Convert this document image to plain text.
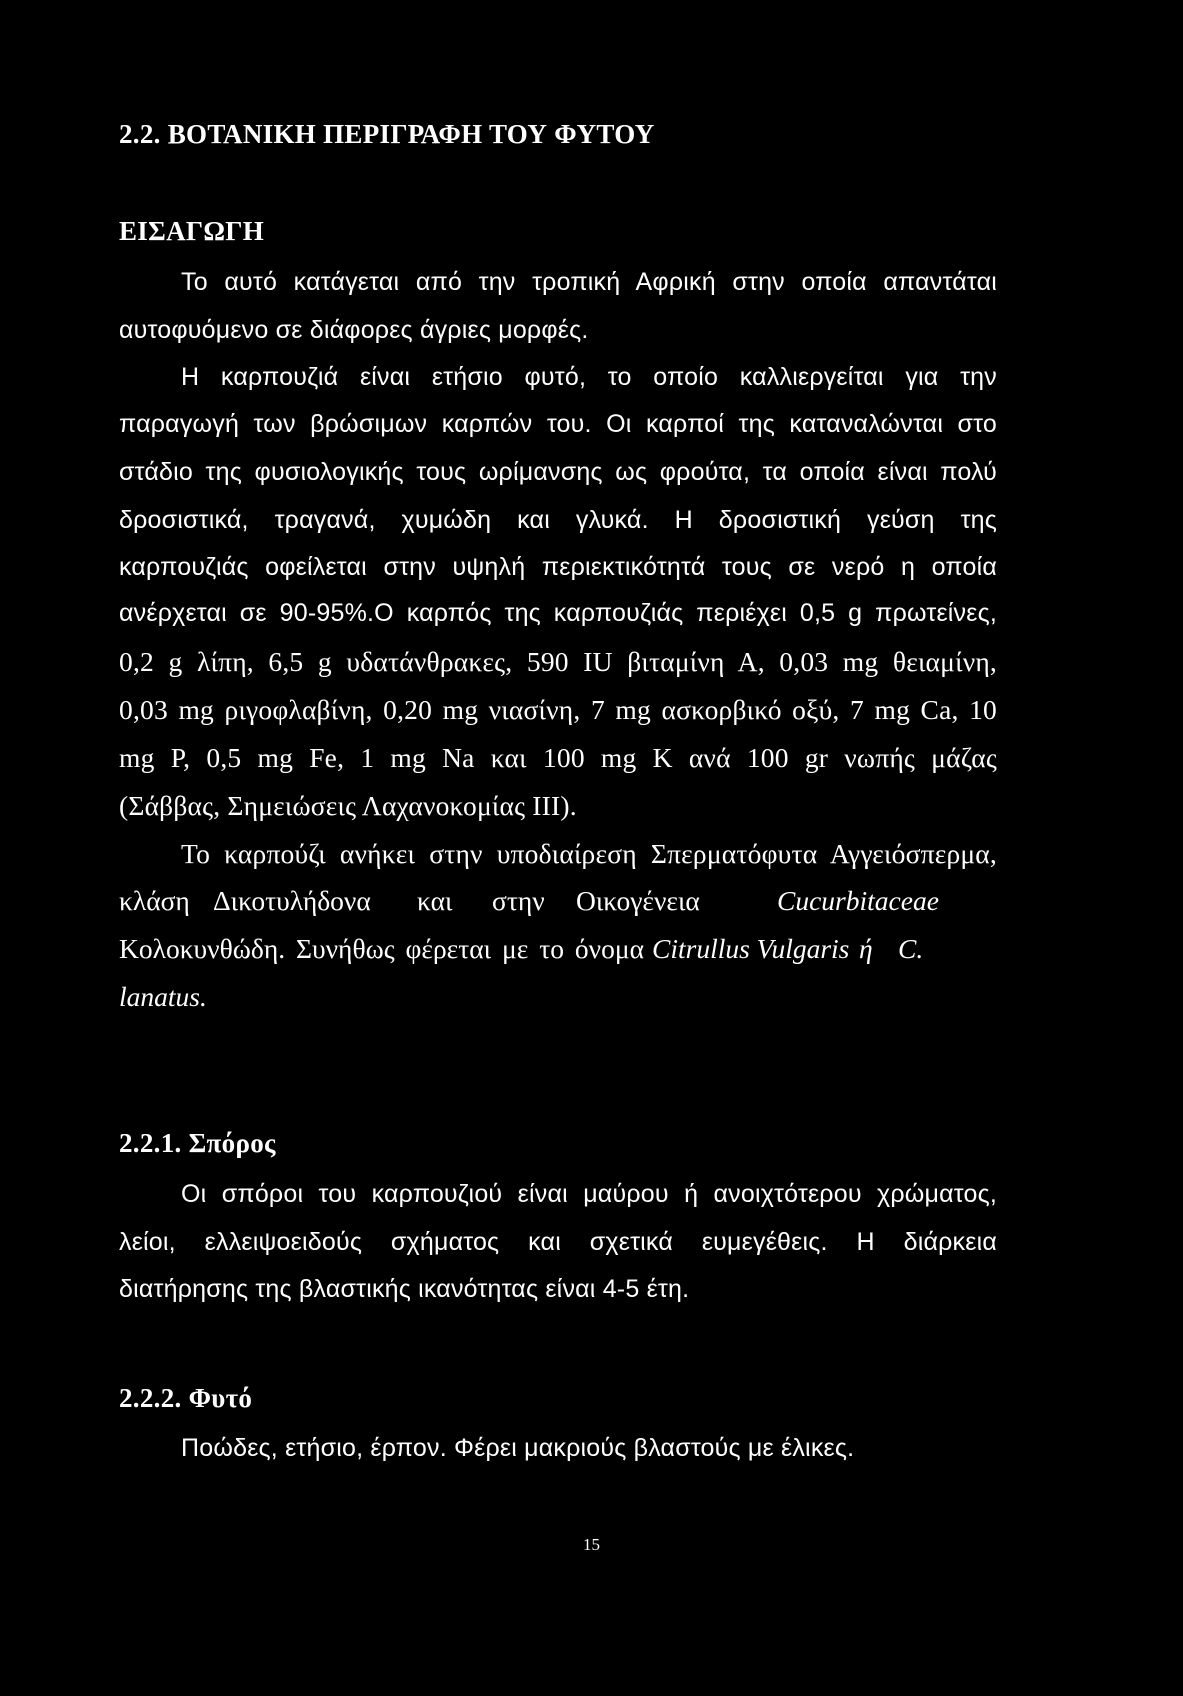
2.2. ΒΟΤΑΝΙΚΗ ΠΕΡΙΓΡΑΦΗ ΤΟΥ ΦΥΤΟΥ
ΕΙΣΑΓΩΓΗ

Το αυτό κατάγεται από την τροπική Αφρική στην οποία απαντάται

αυτοφυόμενο σε διάφορες άγριες μορφές.

Η καρπουζιά είναι ετήσιο φυτό, το οποίο καλλιεργείται για την

παραγωγή των βρώσιμων καρπών του. Οι καρποί της καταναλώνται στο

στάδιο της φυσιολογικής τους ωρίμανσης ως φρούτα, τα οποία είναι πολύ

δροσιστικά, τραγανά, χυμώδη και γλυκά. Η δροσιστική γεύση της

καρπουζιάς οφείλεται στην υψηλή περιεκτικότητά τους σε νερό η οποία

ανέρχεται σε 90-95%.Ο καρπός της καρπουζιάς περιέχει 0,5 g πρωτείνες,

0,2 g λίπη, 6,5 g υδατάνθρακες, 590 IU βιταμίνη Α, 0,03 mg θειαμίνη,

0,03 mg ριγοφλαβίνη, 0,20 mg νιασίνη, 7 mg ασκορβικό οξύ, 7 mg Ca, 10

mg P, 0,5 mg Fe, 1 mg Na και 100 mg K ανά 100 gr νωπής μάζας

(Σάββας, Σημειώσεις Λαχανοκομίας ΙΙΙ).

Το καρπούζι ανήκει στην υποδιαίρεση Σπερματόφυτα Αγγειόσπερμα,

κλάση Δικοτυλήδονα και στην Οικογένεια	Cucurbitaceae
Κολοκυνθώδη. Συνήθως φέρεται με το όνομα Citrullus Vulgaris ή C.
lanatus.
2.2.1. Σπόρος

Οι σπόροι του καρπουζιού είναι μαύρου ή ανοιχτότερου χρώματος,

λείοι, ελλειψοειδούς σχήματος και σχετικά ευμεγέθεις. Η διάρκεια

διατήρησης της βλαστικής ικανότητας είναι 4-5 έτη.

2.2.2. Φυτό

Ποώδες, ετήσιο, έρπον. Φέρει μακριούς βλαστούς με έλικες.

15
